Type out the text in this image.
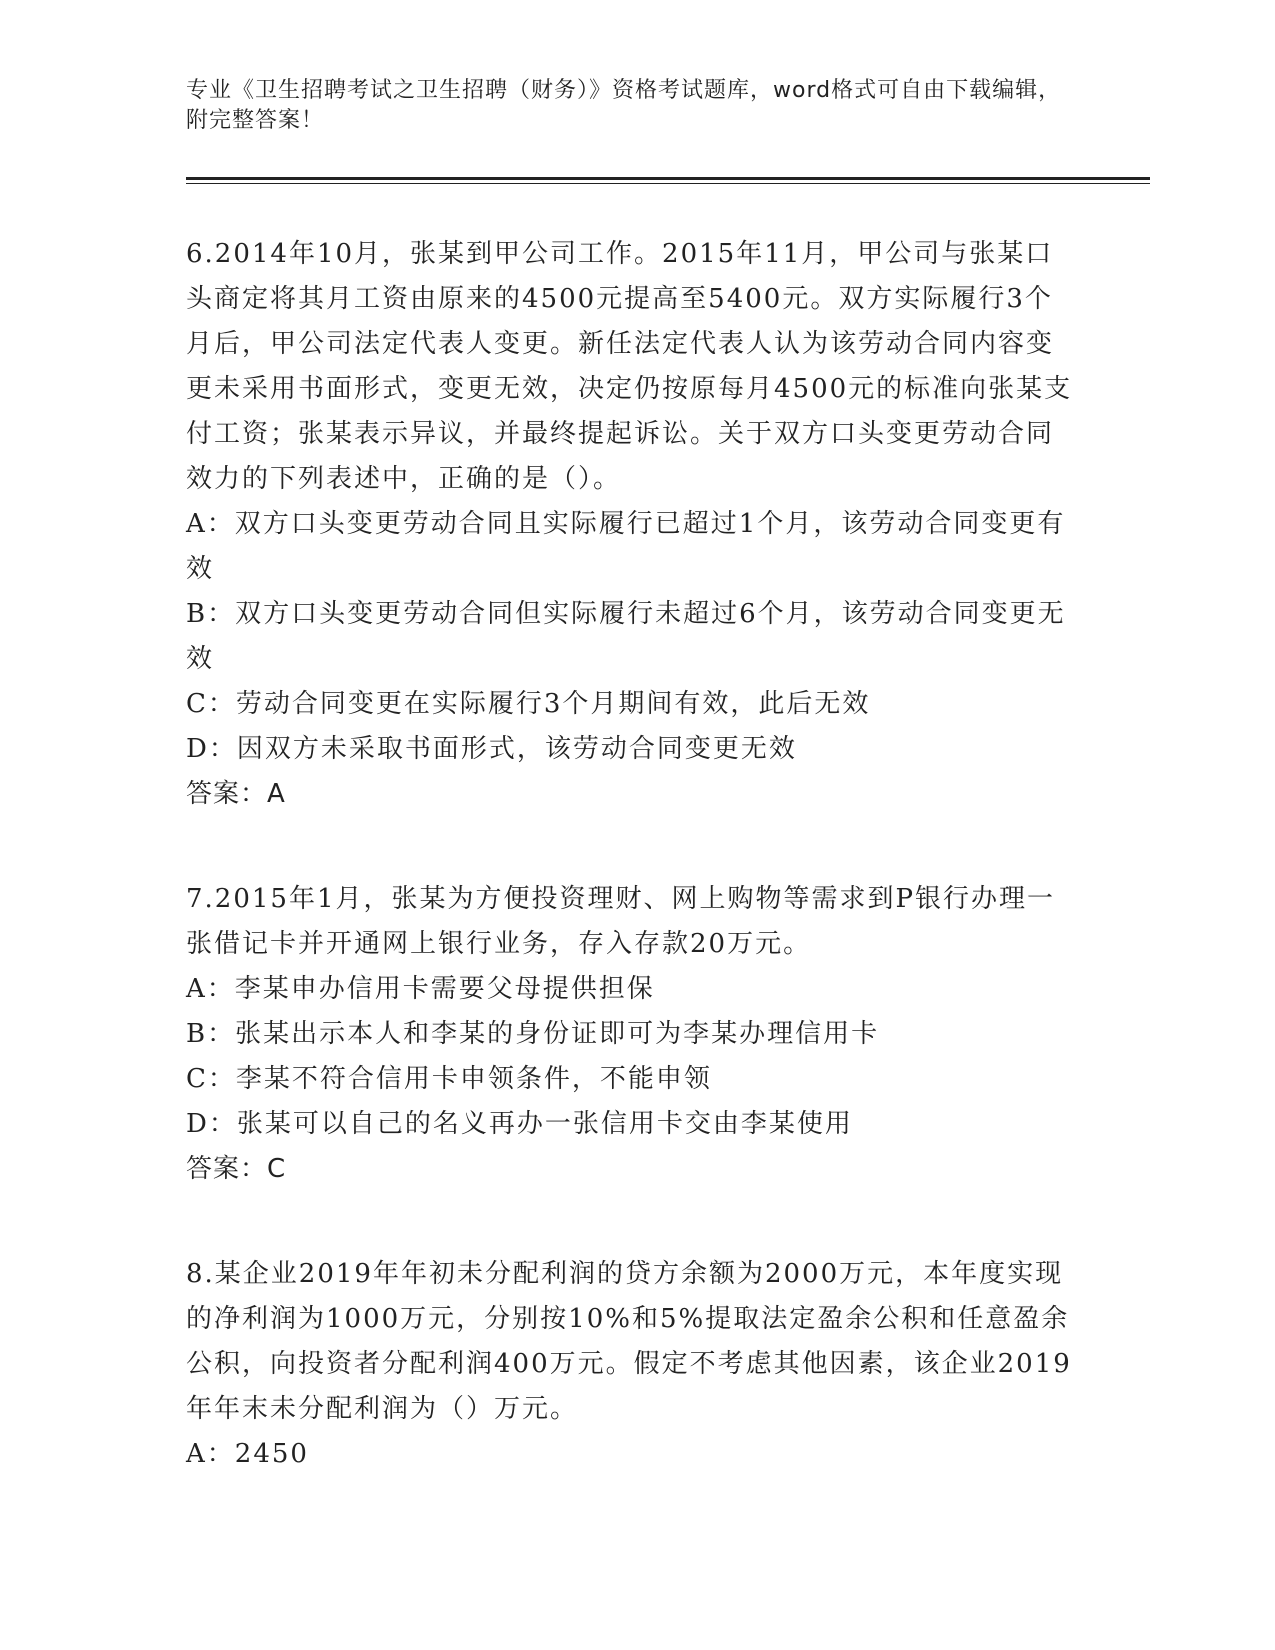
专业《卫生招聘考试之卫生招聘（财务）》资格考试题库，word格式可自由下载编辑，附完整答案！

6.2014年10月，张某到甲公司工作。2015年11月，甲公司与张某口头商定将其月工资由原来的4500元提高至5400元。双方实际履行3个月后，甲公司法定代表人变更。新任法定代表人认为该劳动合同内容变更未采用书面形式，变更无效，决定仍按原每月4500元的标准向张某支付工资；张某表示异议，并最终提起诉讼。关于双方口头变更劳动合同效力的下列表述中，正确的是（）。

A：双方口头变更劳动合同且实际履行已超过1个月，该劳动合同变更有效

B：双方口头变更劳动合同但实际履行未超过6个月，该劳动合同变更无效

C：劳动合同变更在实际履行3个月期间有效，此后无效

D：因双方未采取书面形式，该劳动合同变更无效

答案：A

7.2015年1月，张某为方便投资理财、网上购物等需求到P银行办理一张借记卡并开通网上银行业务，存入存款20万元。

A：李某申办信用卡需要父母提供担保

B：张某出示本人和李某的身份证即可为李某办理信用卡

C：李某不符合信用卡申领条件，不能申领

D：张某可以自己的名义再办一张信用卡交由李某使用

答案：C

8.某企业2019年年初未分配利润的贷方余额为2000万元，本年度实现的净利润为1000万元，分别按10%和5%提取法定盈余公积和任意盈余公积，向投资者分配利润400万元。假定不考虑其他因素，该企业2019年年末未分配利润为（）万元。

A：2450
